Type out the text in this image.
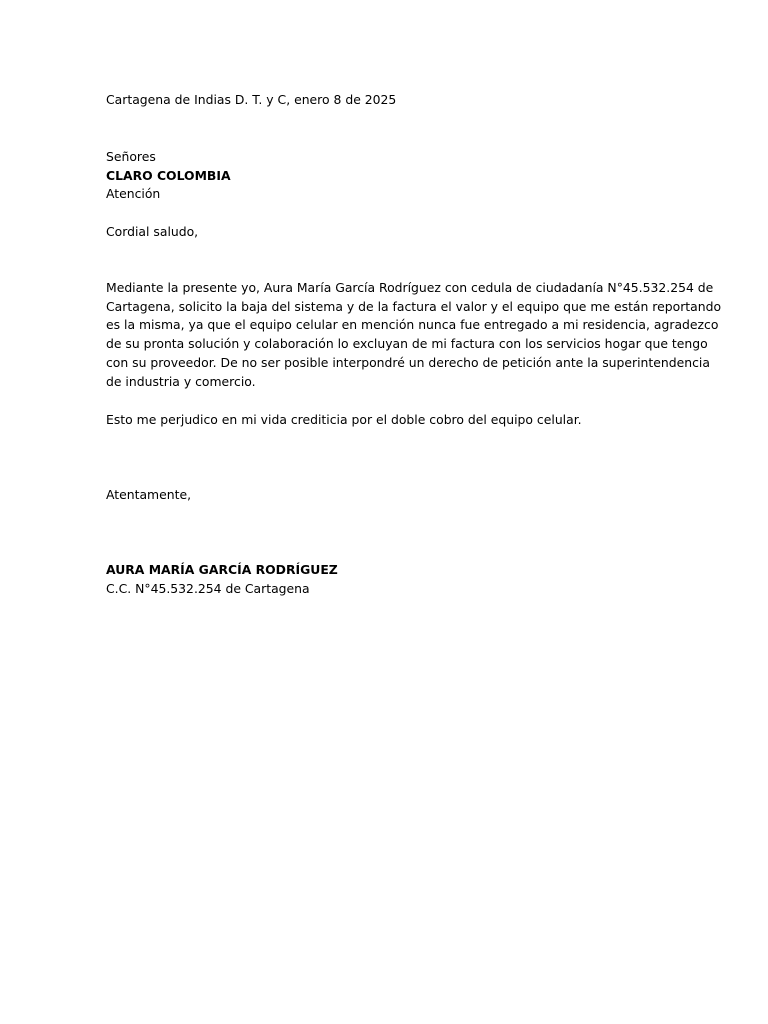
Cartagena de Indias D. T. y C, enero 8 de 2025
Señores
CLARO COLOMBIA
Atención
Cordial saludo,
Mediante la presente yo, Aura María García Rodríguez con cedula de ciudadanía N°45.532.254 de
Cartagena, solicito la baja del sistema y de la factura el valor y el equipo que me están reportando
es la misma, ya que el equipo celular en mención nunca fue entregado a mi residencia, agradezco
de su pronta solución y colaboración lo excluyan de mi factura con los servicios hogar que tengo
con su proveedor. De no ser posible interpondré un derecho de petición ante la superintendencia
de industria y comercio.
Esto me perjudico en mi vida crediticia por el doble cobro del equipo celular.
Atentamente,
AURA MARÍA GARCÍA RODRÍGUEZ
C.C. N°45.532.254 de Cartagena
